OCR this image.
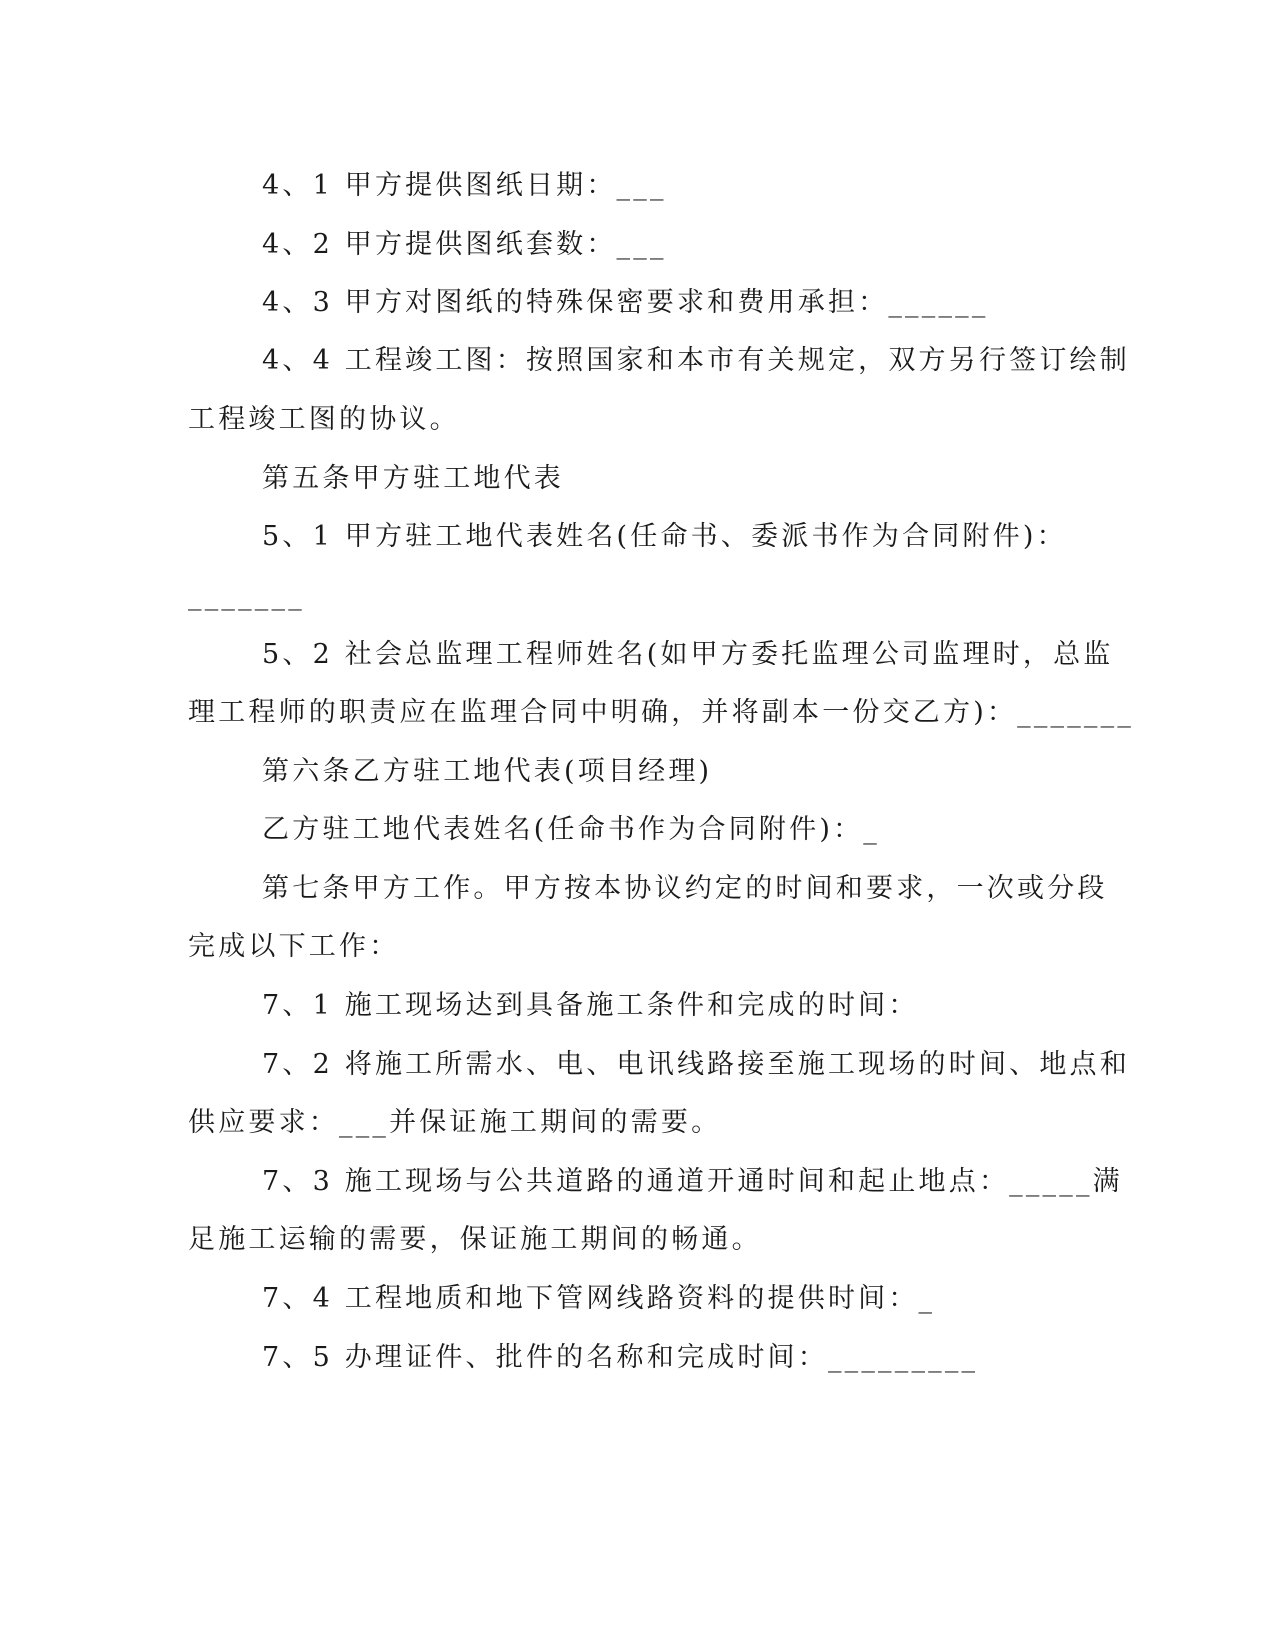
4、1 甲方提供图纸日期：___
4、2 甲方提供图纸套数：___
4、3 甲方对图纸的特殊保密要求和费用承担：______
4、4 工程竣工图：按照国家和本市有关规定，双方另行签订绘制
工程竣工图的协议。
第五条甲方驻工地代表
5、1 甲方驻工地代表姓名(任命书、委派书作为合同附件)：
_______
5、2 社会总监理工程师姓名(如甲方委托监理公司监理时，总监
理工程师的职责应在监理合同中明确，并将副本一份交乙方)：_______
第六条乙方驻工地代表(项目经理)
乙方驻工地代表姓名(任命书作为合同附件)：_
第七条甲方工作。甲方按本协议约定的时间和要求，一次或分段
完成以下工作：
7、1 施工现场达到具备施工条件和完成的时间：
7、2 将施工所需水、电、电讯线路接至施工现场的时间、地点和
供应要求：___并保证施工期间的需要。
7、3 施工现场与公共道路的通道开通时间和起止地点：_____满
足施工运输的需要，保证施工期间的畅通。
7、4 工程地质和地下管网线路资料的提供时间：_
7、5 办理证件、批件的名称和完成时间：_________
